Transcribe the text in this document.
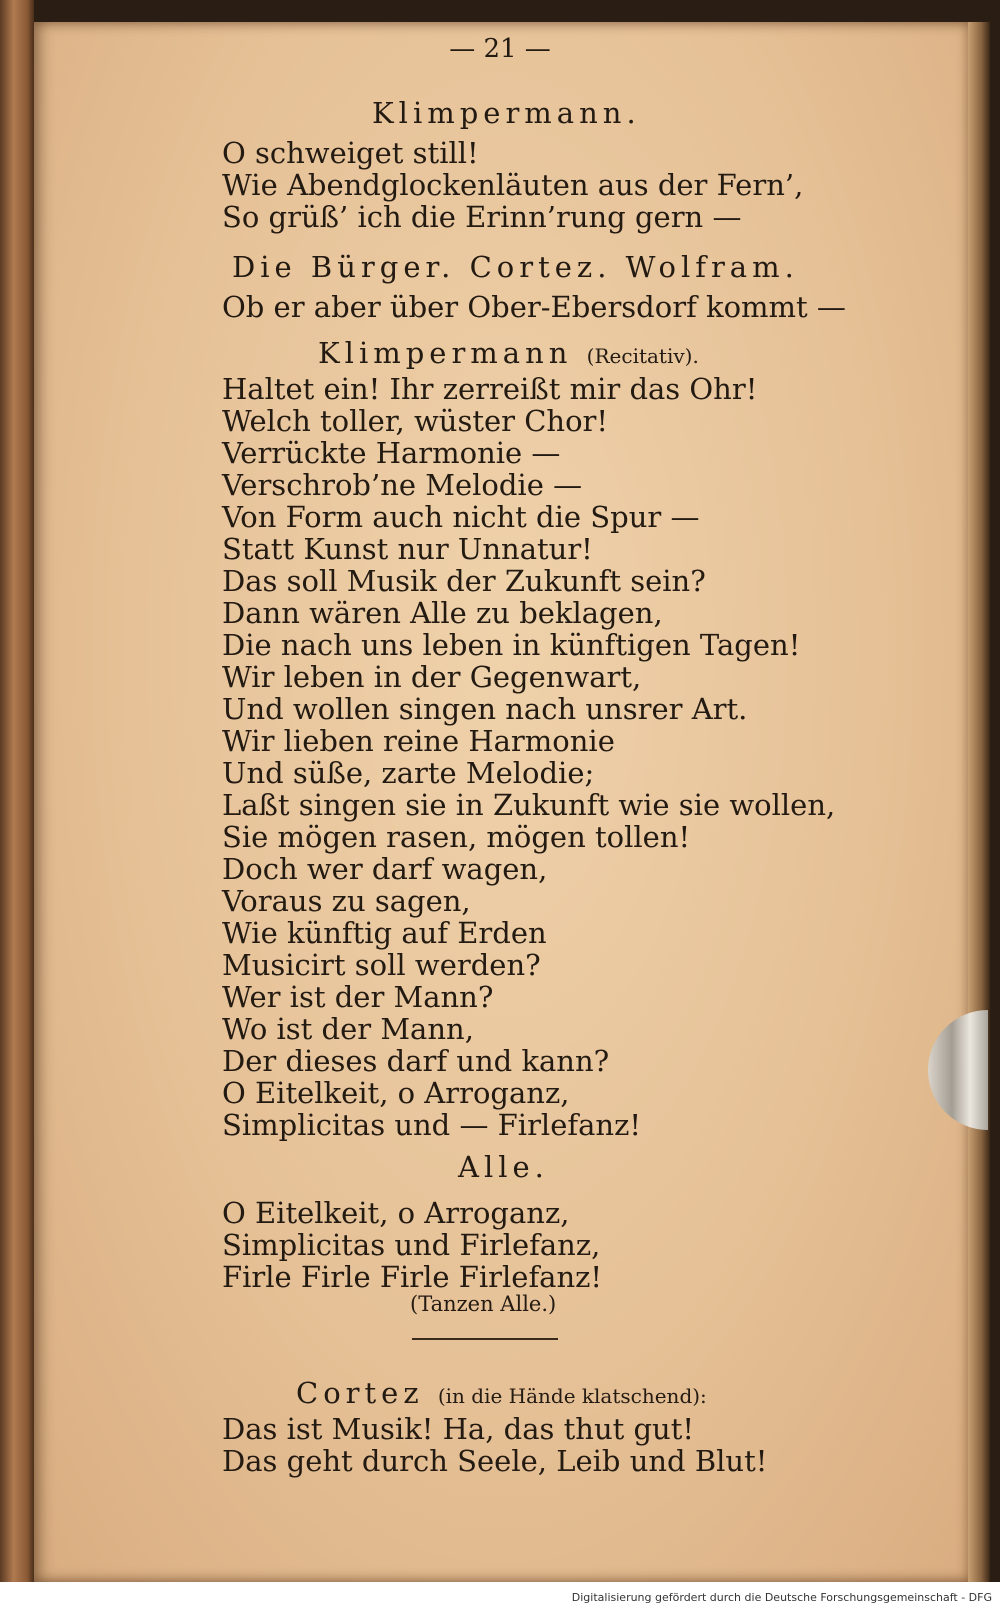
— 21 —
Klimpermann.
O schweiget still!
Wie Abendglockenläuten aus der Fern’,
So grüß’ ich die Erinn’rung gern —
Die Bürger. Cortez. Wolfram.
Ob er aber über Ober-Ebersdorf kommt —
Klimpermann (Recitativ).
Haltet ein! Ihr zerreißt mir das Ohr!
Welch toller, wüster Chor!
Verrückte Harmonie —
Verschrob’ne Melodie —
Von Form auch nicht die Spur —
Statt Kunst nur Unnatur!
Das soll Musik der Zukunft sein?
Dann wären Alle zu beklagen,
Die nach uns leben in künftigen Tagen!
Wir leben in der Gegenwart,
Und wollen singen nach unsrer Art.
Wir lieben reine Harmonie
Und süße, zarte Melodie;
Laßt singen sie in Zukunft wie sie wollen,
Sie mögen rasen, mögen tollen!
Doch wer darf wagen,
Voraus zu sagen,
Wie künftig auf Erden
Musicirt soll werden?
Wer ist der Mann?
Wo ist der Mann,
Der dieses darf und kann?
O Eitelkeit, o Arroganz,
Simplicitas und — Firlefanz!
Alle.
O Eitelkeit, o Arroganz,
Simplicitas und Firlefanz,
Firle Firle Firle Firlefanz!
(Tanzen Alle.)
Cortez (in die Hände klatschend):
Das ist Musik! Ha, das thut gut!
Das geht durch Seele, Leib und Blut!
Digitalisierung gefördert durch die Deutsche Forschungsgemeinschaft - DFG
